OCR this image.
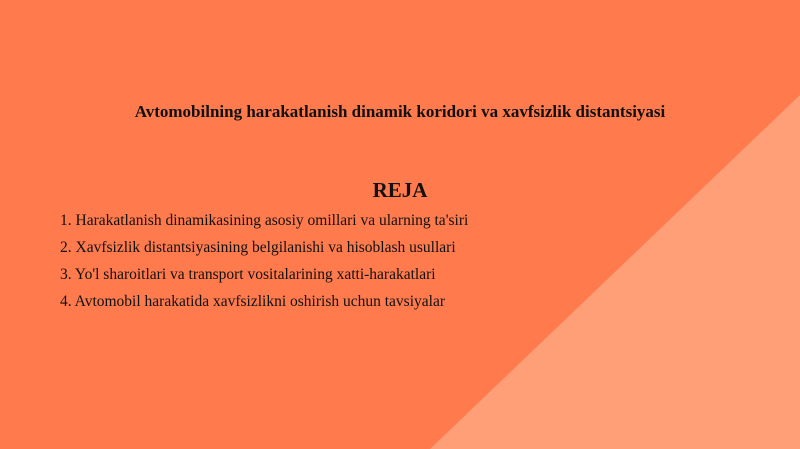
Avtomobilning harakatlanish dinamik koridori va xavfsizlik distantsiyasi
REJA
1. Harakatlanish dinamikasining asosiy omillari va ularning ta'siri
2. Xavfsizlik distantsiyasining belgilanishi va hisoblash usullari
3. Yo'l sharoitlari va transport vositalarining xatti-harakatlari
4. Avtomobil harakatida xavfsizlikni oshirish uchun tavsiyalar
